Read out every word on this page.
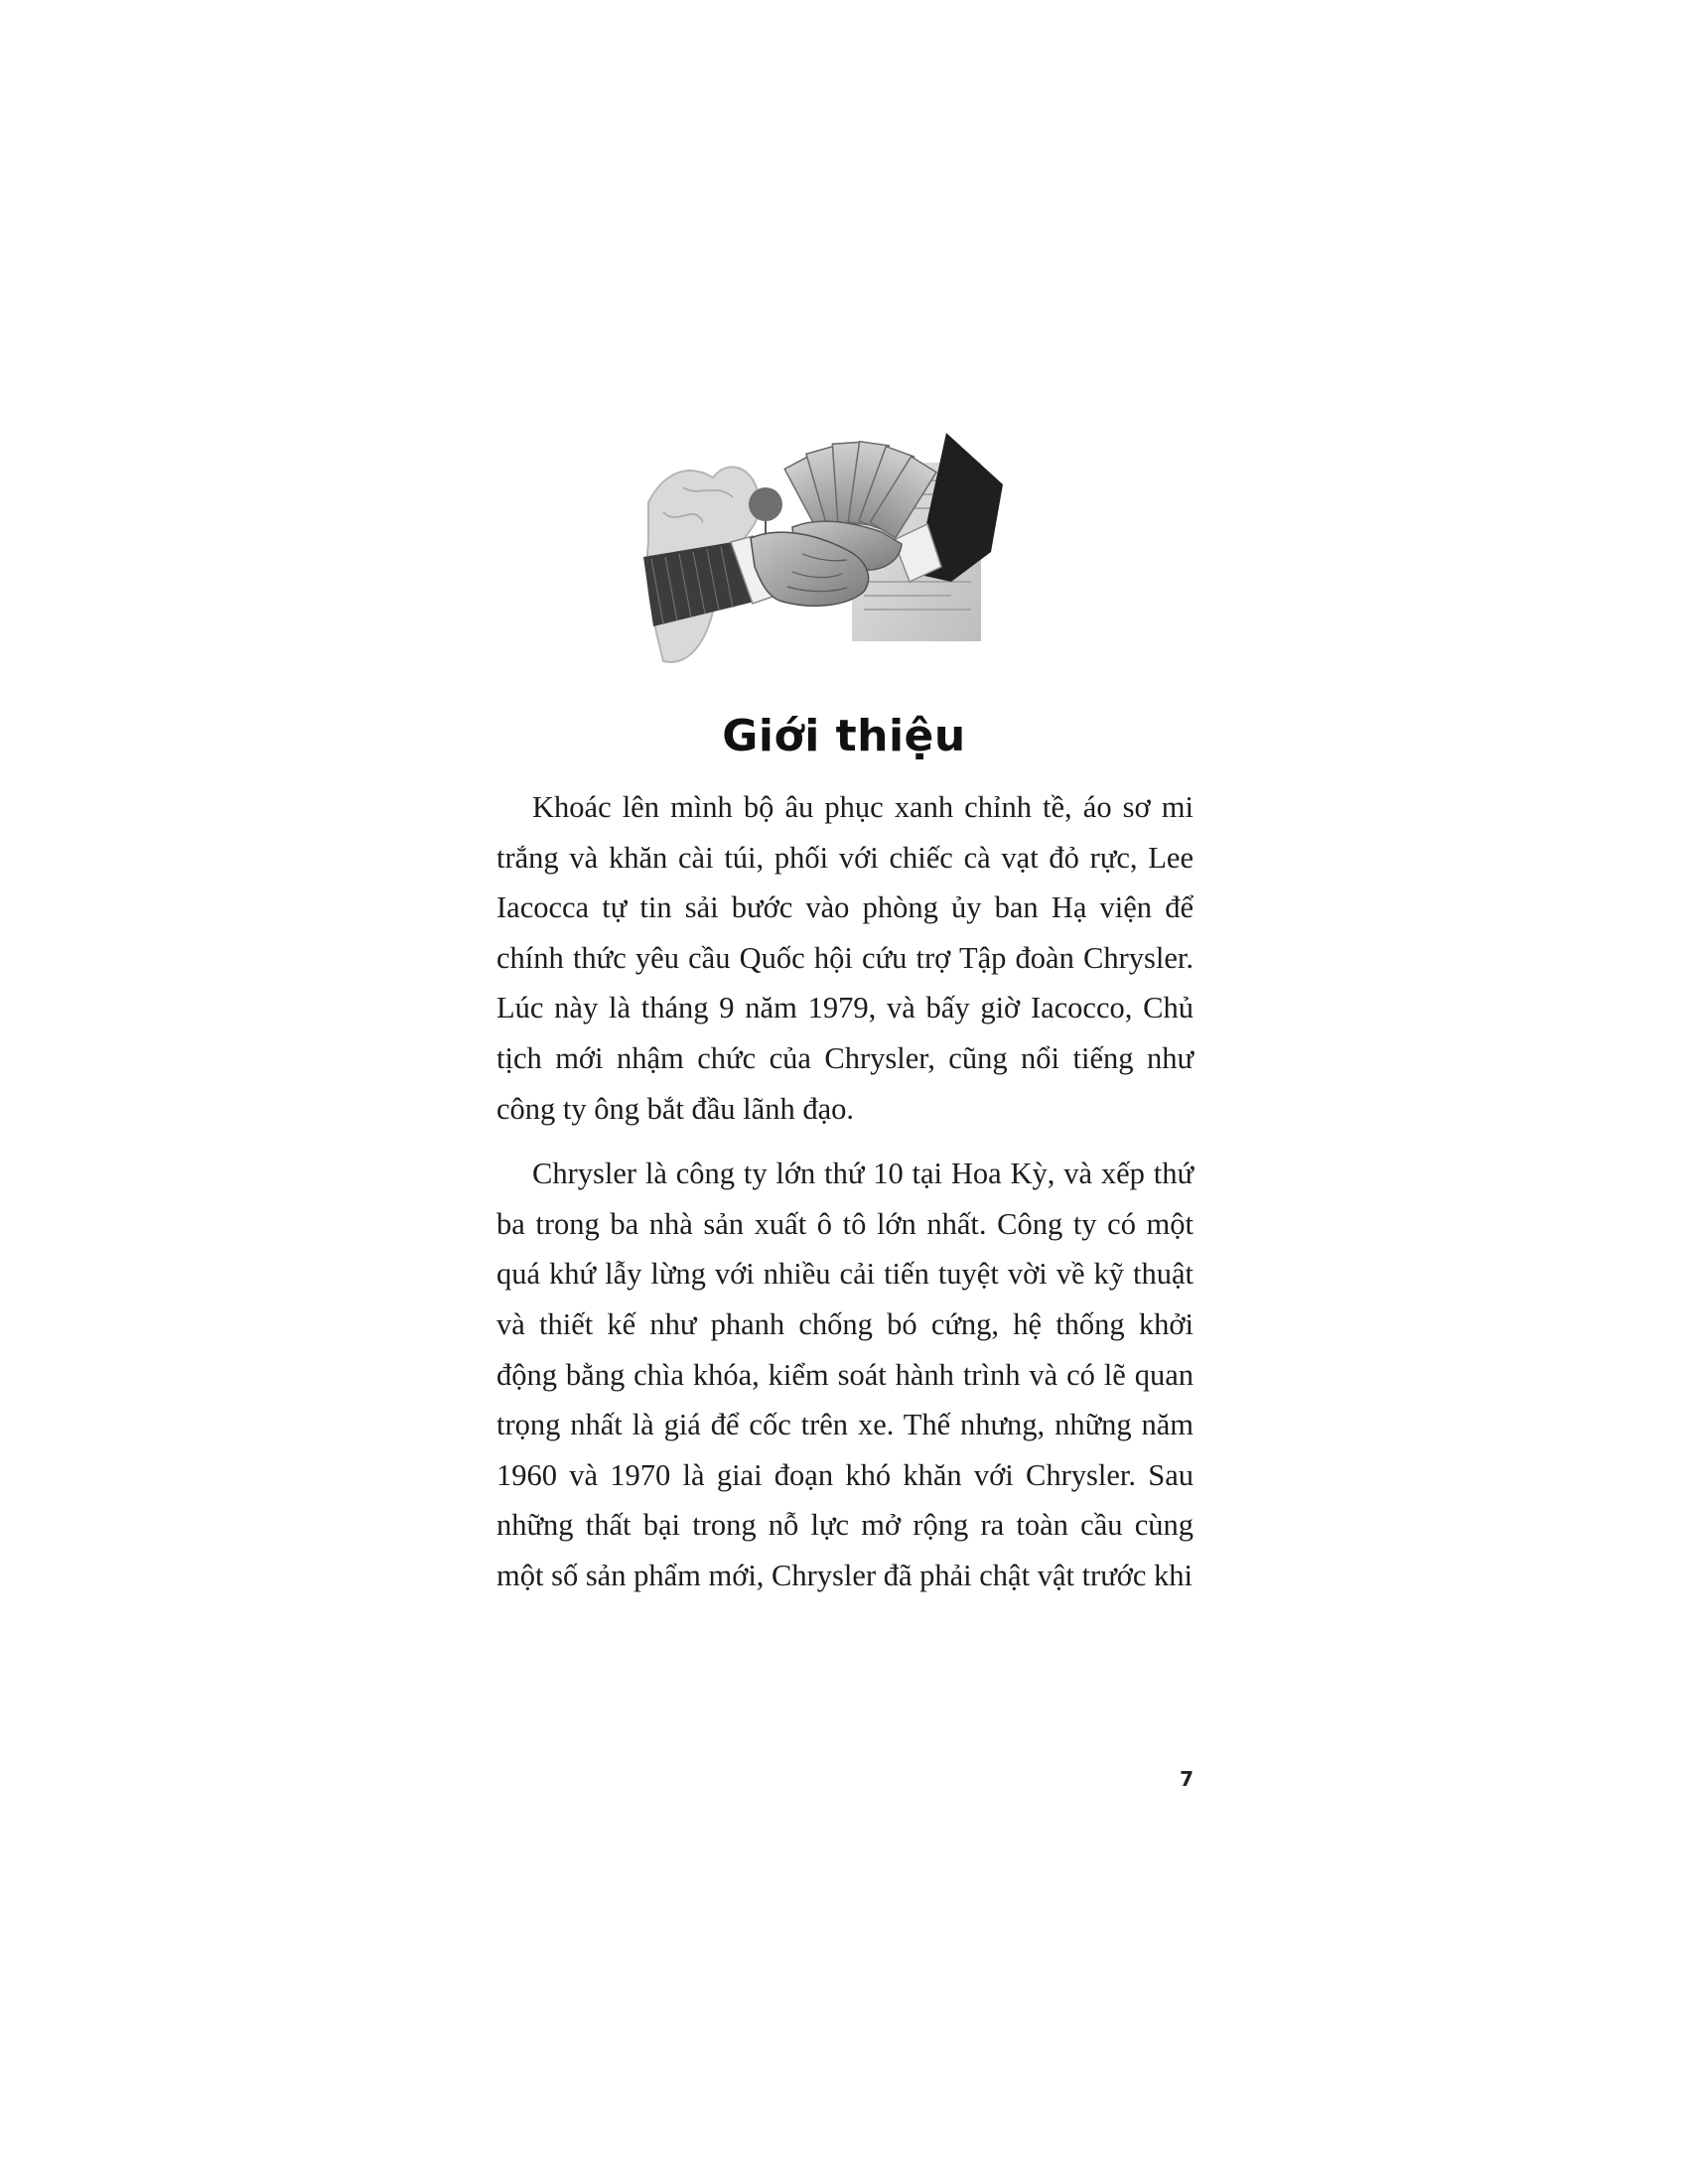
Giới thiệu

Khoác lên mình bộ âu phục xanh chỉnh tề, áo sơ mi trắng và khăn cài túi, phối với chiếc cà vạt đỏ rực, Lee Iacocca tự tin sải bước vào phòng ủy ban Hạ viện để chính thức yêu cầu Quốc hội cứu trợ Tập đoàn Chrysler. Lúc này là tháng 9 năm 1979, và bấy giờ Iacocco, Chủ tịch mới nhậm chức của Chrysler, cũng nổi tiếng như công ty ông bắt đầu lãnh đạo.

Chrysler là công ty lớn thứ 10 tại Hoa Kỳ, và xếp thứ ba trong ba nhà sản xuất ô tô lớn nhất. Công ty có một quá khứ lẫy lừng với nhiều cải tiến tuyệt vời về kỹ thuật và thiết kế như phanh chống bó cứng, hệ thống khởi động bằng chìa khóa, kiểm soát hành trình và có lẽ quan trọng nhất là giá để cốc trên xe. Thế nhưng, những năm 1960 và 1970 là giai đoạn khó khăn với Chrysler. Sau những thất bại trong nỗ lực mở rộng ra toàn cầu cùng một số sản phẩm mới, Chrysler đã phải chật vật trước khi

7
